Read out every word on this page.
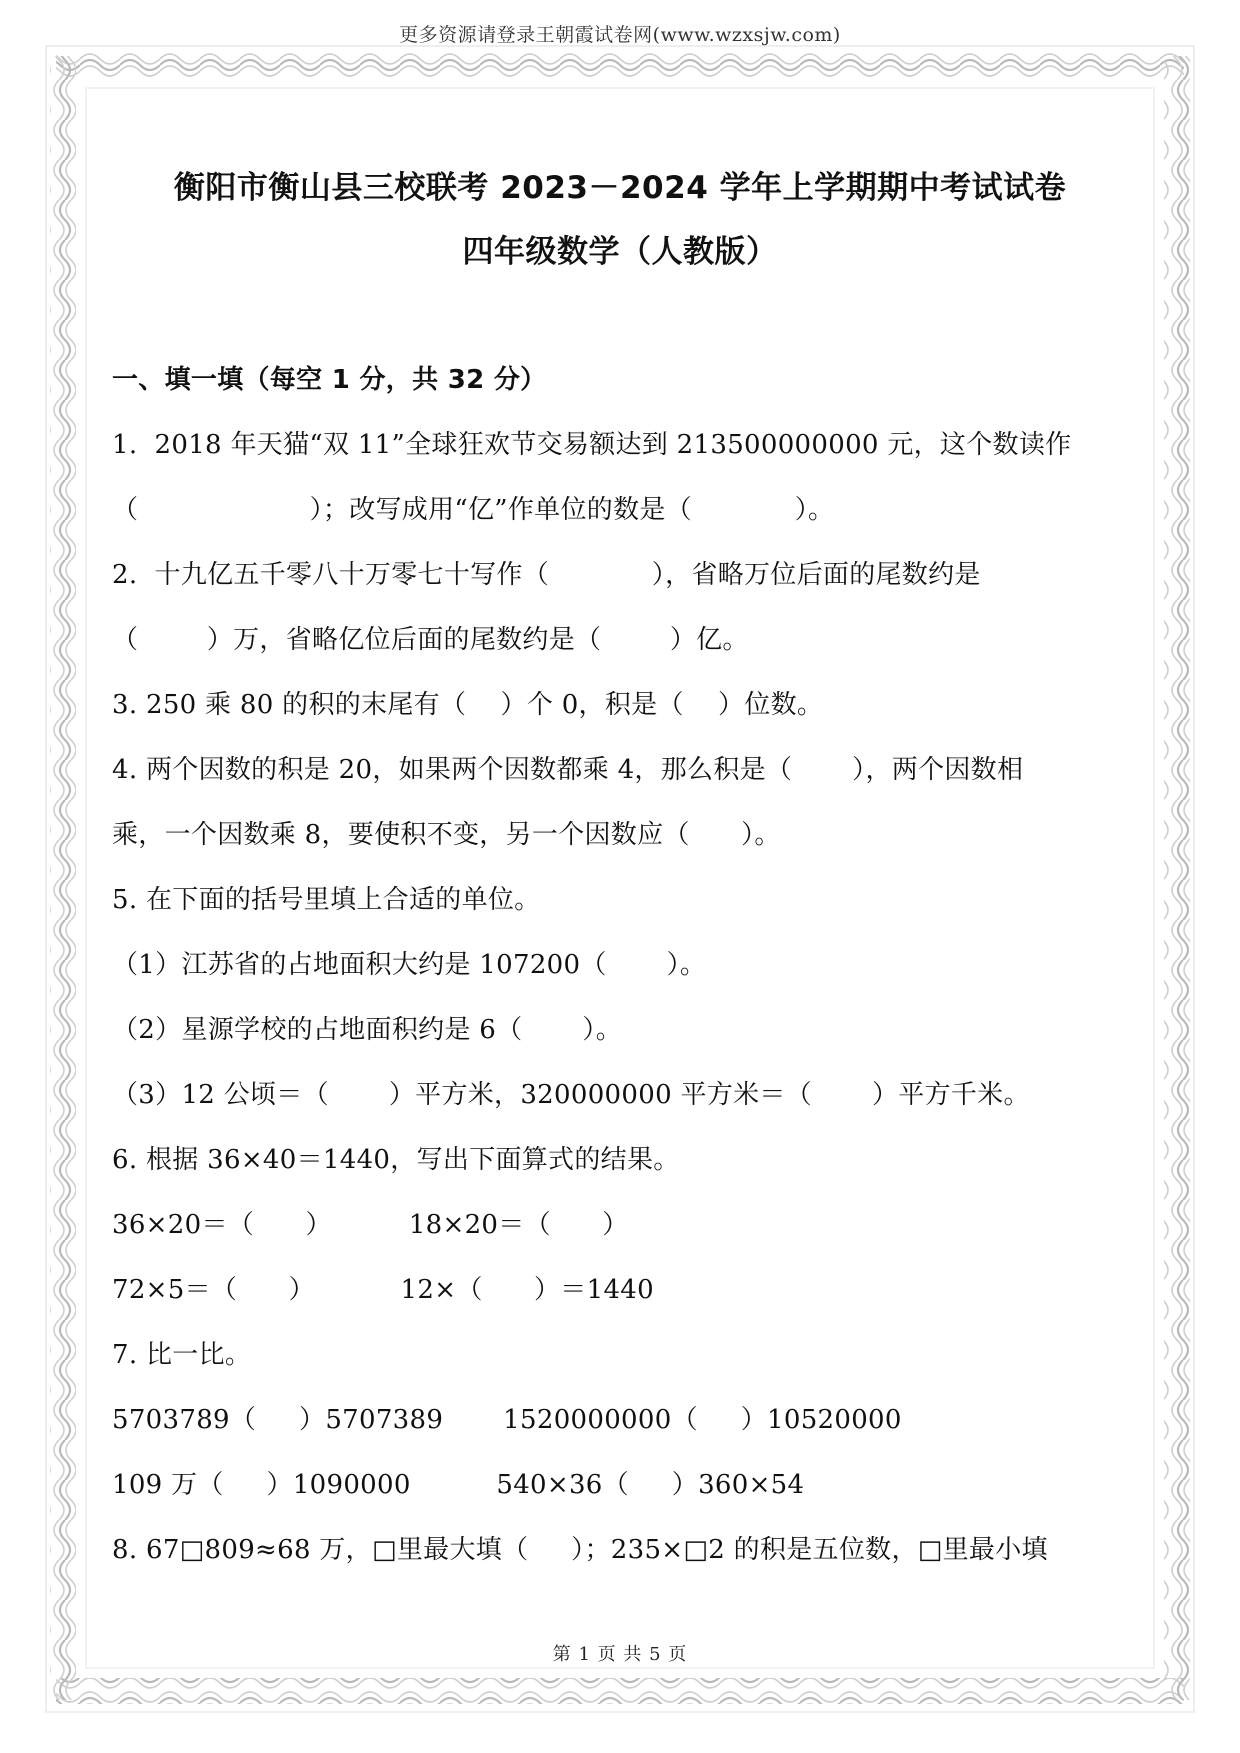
更多资源请登录王朝霞试卷网(www.wzxsjw.com)
衡阳市衡山县三校联考 2023－2024 学年上学期期中考试试卷
四年级数学（人教版）
一、填一填（每空 1 分，共 32 分）
1.  2018 年天猫“双 11”全球狂欢节交易额达到 213500000000 元，这个数读作
（                    ）；改写成用“亿”作单位的数是（            ）。
2.  十九亿五千零八十万零七十写作（            ），省略万位后面的尾数约是
（        ）万，省略亿位后面的尾数约是（        ）亿。
3. 250 乘 80 的积的末尾有（    ）个 0，积是（    ）位数。
4. 两个因数的积是 20，如果两个因数都乘 4，那么积是（       ），两个因数相
乘，一个因数乘 8，要使积不变，另一个因数应（      ）。
5. 在下面的括号里填上合适的单位。
（1）江苏省的占地面积大约是 107200（       ）。
（2）星源学校的占地面积约是 6（       ）。
（3）12 公顷＝（       ）平方米，320000000 平方米＝（       ）平方千米。
6. 根据 36×40＝1440，写出下面算式的结果。
36×20＝（      ）         18×20＝（      ）
72×5＝（      ）          12×（      ）＝1440
7. 比一比。
5703789（     ）5707389       1520000000（     ）10520000
109 万（     ）1090000          540×36（     ）360×54
8. 67□809≈68 万，□里最大填（     ）；235×□2 的积是五位数，□里最小填
第 1 页 共 5 页
